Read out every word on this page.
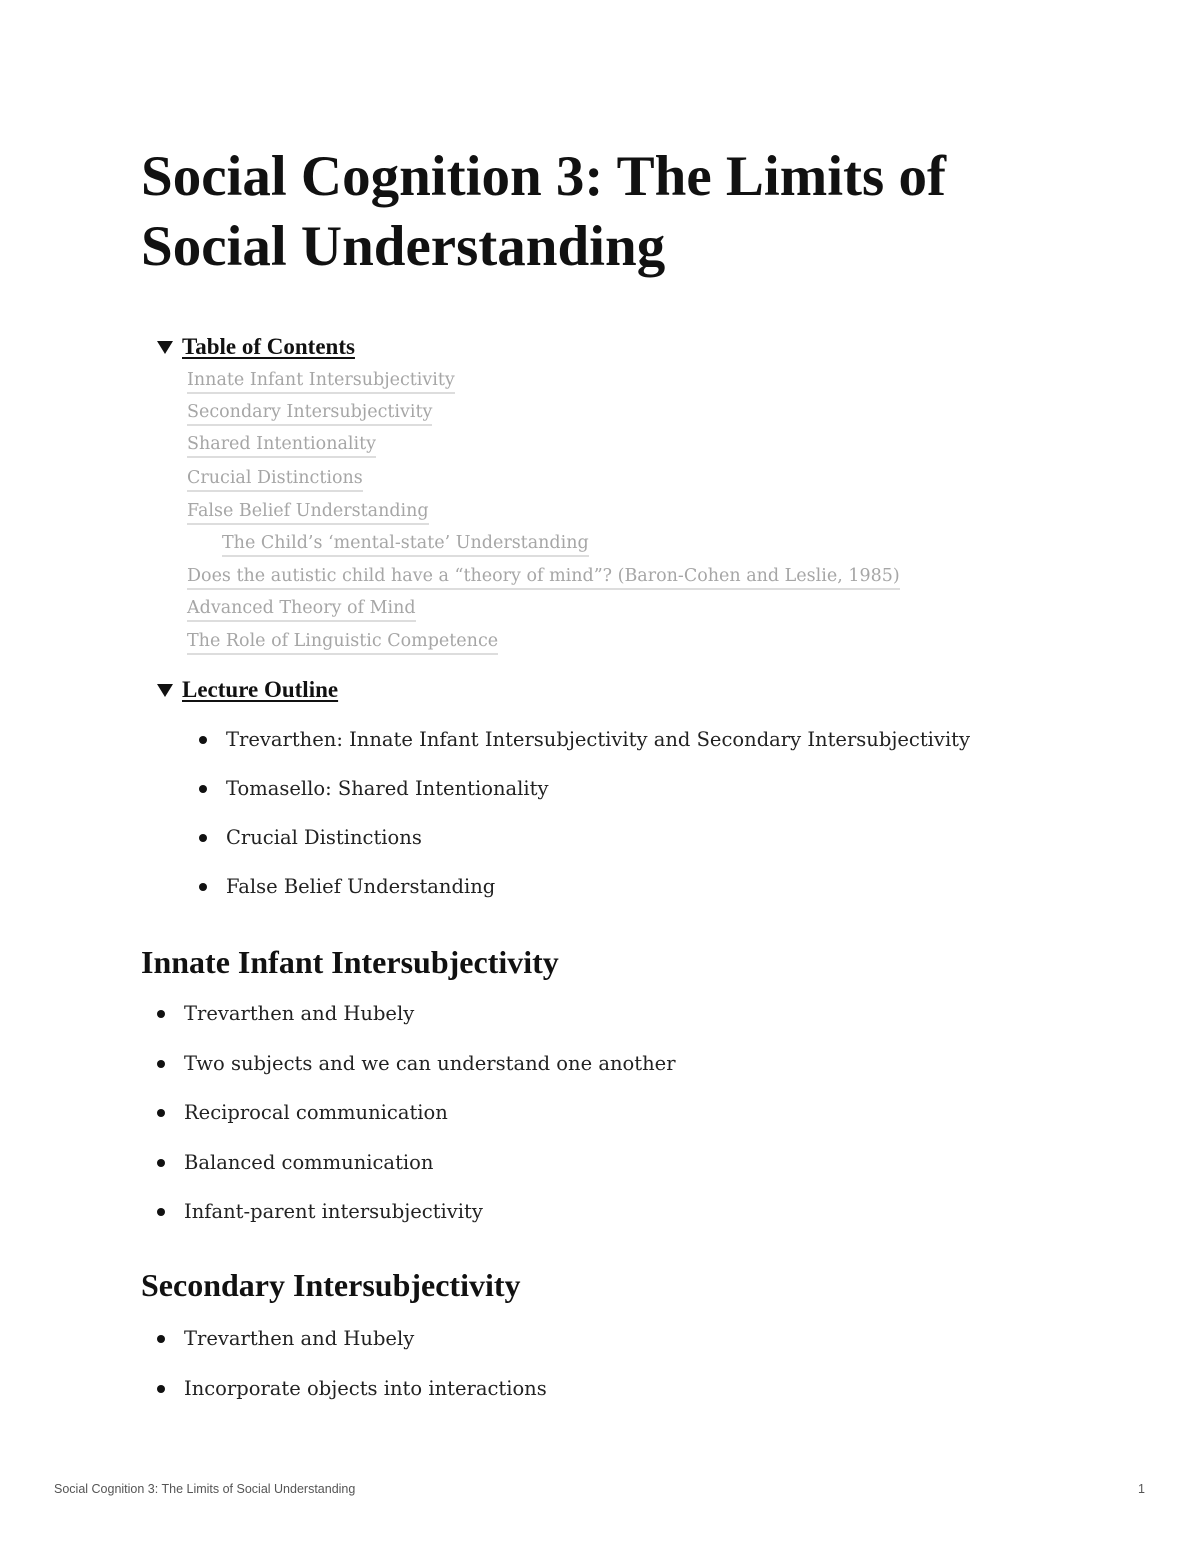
Social Cognition 3: The Limits of Social Understanding
Table of Contents
Innate Infant Intersubjectivity
Secondary Intersubjectivity
Shared Intentionality
Crucial Distinctions
False Belief Understanding
The Child’s ‘mental-state’ Understanding
Does the autistic child have a “theory of mind”? (Baron-Cohen and Leslie, 1985)
Advanced Theory of Mind
The Role of Linguistic Competence
Lecture Outline
Trevarthen: Innate Infant Intersubjectivity and Secondary Intersubjectivity
Tomasello: Shared Intentionality
Crucial Distinctions
False Belief Understanding
Innate Infant Intersubjectivity
Trevarthen and Hubely
Two subjects and we can understand one another
Reciprocal communication
Balanced communication
Infant-parent intersubjectivity
Secondary Intersubjectivity
Trevarthen and Hubely
Incorporate objects into interactions
Social Cognition 3: The Limits of Social Understanding	1
